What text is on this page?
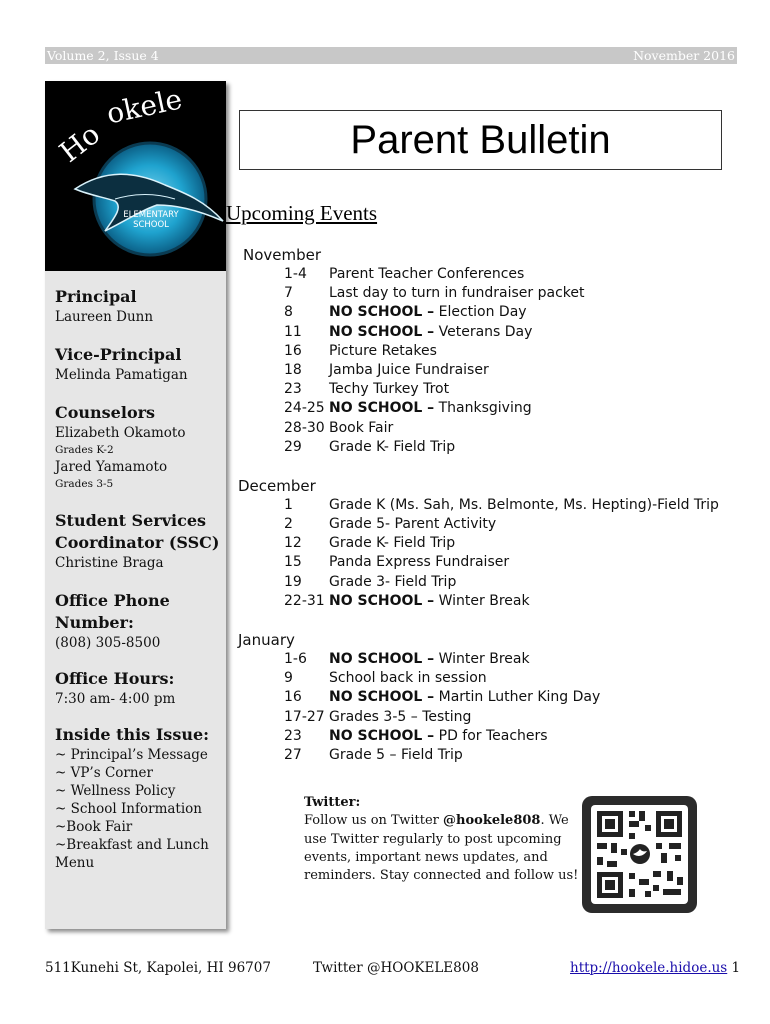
Volume 2, Issue 4	November 2016
Ho
okele
ELEMENTARY
SCHOOL

Principal

Laureen Dunn

Vice-Principal

Melinda Pamatigan

Counselors

Elizabeth Okamoto

Grades K-2

Jared Yamamoto

Grades 3-5

Student Services

Coordinator (SSC)

Christine Braga

Office Phone

Number:

(808) 305-8500

Office Hours:

7:30 am- 4:00 pm

Inside this Issue:

~ Principal’s Message

~ VP’s Corner

~ Wellness Policy

~ School Information

~Book Fair

~Breakfast and Lunch

Menu

Parent Bulletin
Upcoming Events
November
1-4 Parent Teacher Conferences
7	Last day to turn in fundraiser packet
8	NO SCHOOL – Election Day
11 NO SCHOOL – Veterans Day
16 Picture Retakes
18 Jamba Juice Fundraiser
23 Techy Turkey Trot
24-25 NO SCHOOL – Thanksgiving
28-30 Book Fair
29 Grade K- Field Trip
December
1	Grade K (Ms. Sah, Ms. Belmonte, Ms. Hepting)-Field Trip
2	Grade 5- Parent Activity
12 Grade K- Field Trip
15 Panda Express Fundraiser
19 Grade 3- Field Trip
22-31 NO SCHOOL – Winter Break
January
1-6 NO SCHOOL – Winter Break
9	School back in session
16 NO SCHOOL – Martin Luther King Day
17-27 Grades 3-5 – Testing
23 NO SCHOOL – PD for Teachers
27 Grade 5 – Field Trip
Twitter:
Follow us on Twitter @hookele808. We
use Twitter regularly to post upcoming
events, important news updates, and
reminders. Stay connected and follow us!
511Kunehi St, Kapolei, HI 96707	Twitter @HOOKELE808	http://hookele.hidoe.us 1
